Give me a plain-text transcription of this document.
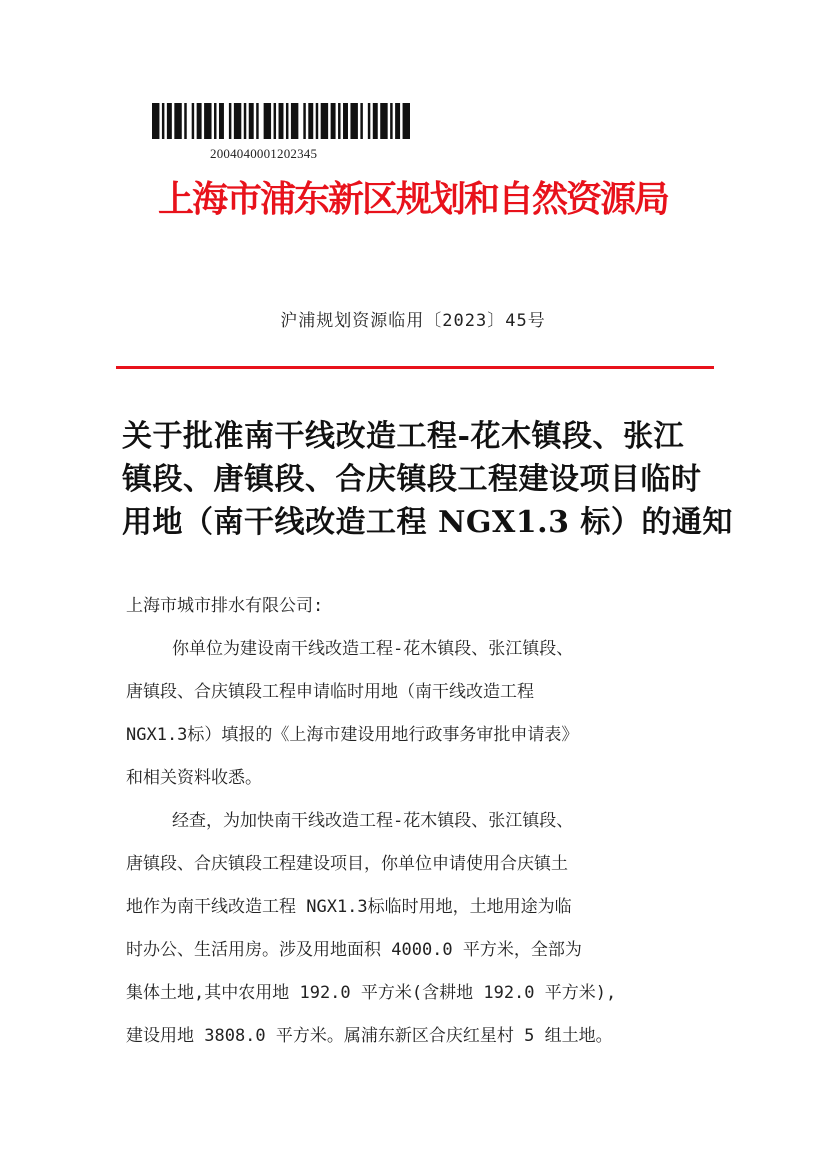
2004040001202345
上海市浦东新区规划和自然资源局
沪浦规划资源临用〔2023〕45号
关于批准南干线改造工程-花木镇段、张江
镇段、唐镇段、合庆镇段工程建设项目临时
用地（南干线改造工程 NGX1.3 标）的通知

上海市城市排水有限公司:

你单位为建设南干线改造工程-花木镇段、张江镇段、

唐镇段、合庆镇段工程申请临时用地（南干线改造工程

NGX1.3标）填报的《上海市建设用地行政事务审批申请表》

和相关资料收悉。

经查，为加快南干线改造工程-花木镇段、张江镇段、

唐镇段、合庆镇段工程建设项目，你单位申请使用合庆镇土

地作为南干线改造工程 NGX1.3标临时用地，土地用途为临

时办公、生活用房。涉及用地面积 4000.0 平方米，全部为

集体土地,其中农用地 192.0 平方米(含耕地 192.0 平方米),

建设用地 3808.0 平方米。属浦东新区合庆红星村 5 组土地。
